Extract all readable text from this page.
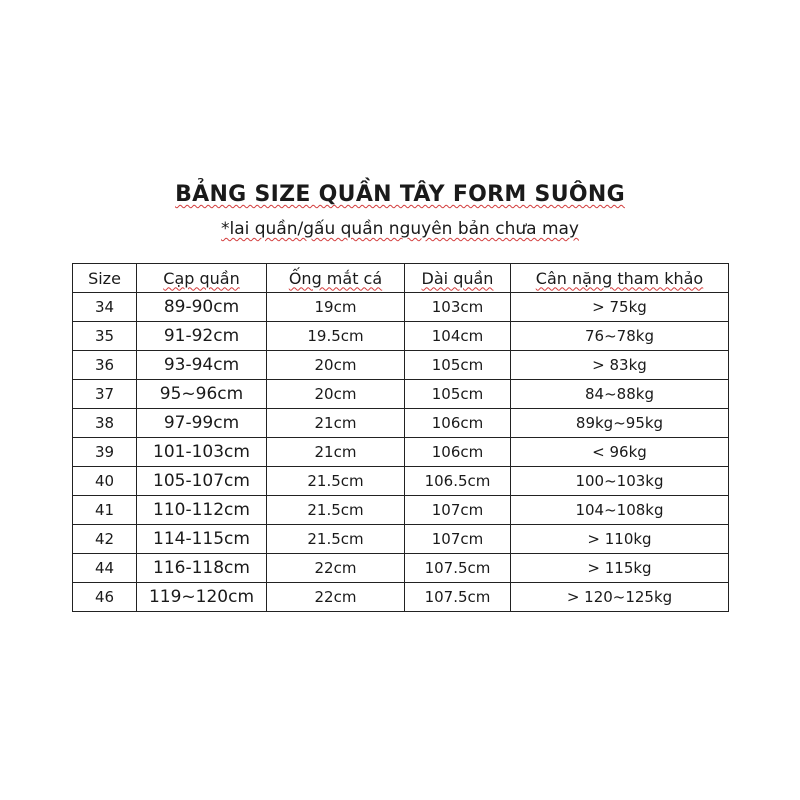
BẢNG SIZE QUẦN TÂY FORM SUÔNG
*lai quần/gấu quần nguyên bản chưa may
Size	Cạp quần	Ống mắt cá	Dài quần	Cân nặng tham khảo
34	89-90cm	19cm	103cm	> 75kg
35	91-92cm	19.5cm	104cm	76~78kg
36	93-94cm	20cm	105cm	> 83kg
37	95~96cm	20cm	105cm	84~88kg
38	97-99cm	21cm	106cm	89kg~95kg
39	101-103cm	21cm	106cm	< 96kg
40	105-107cm	21.5cm	106.5cm	100~103kg
41	110-112cm	21.5cm	107cm	104~108kg
42	114-115cm	21.5cm	107cm	> 110kg
44	116-118cm	22cm	107.5cm	> 115kg
46	119~120cm	22cm	107.5cm	> 120~125kg
